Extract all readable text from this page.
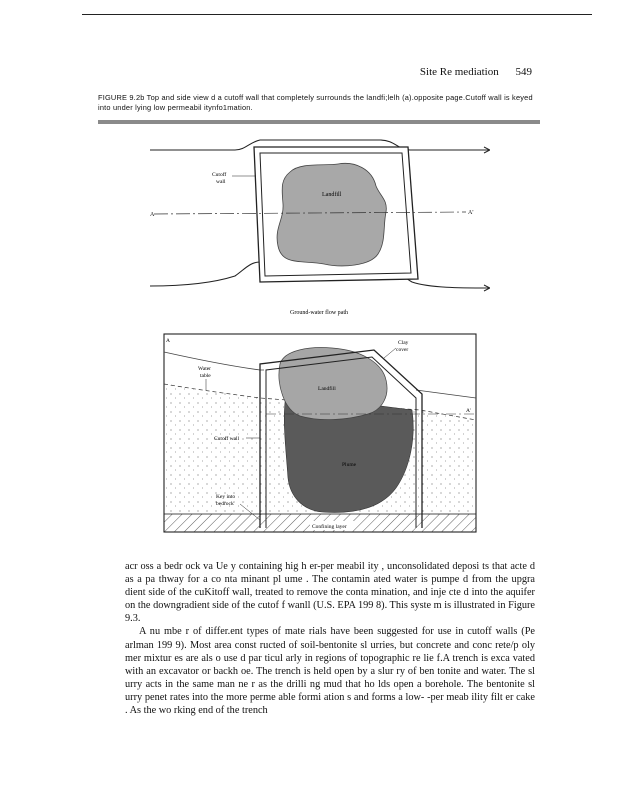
Site Re mediation 549
FIGURE 9.2b Top and side view d a cutoff wall that completely surrounds the landfi;lelh (a).opposite page.Cutoff wall is keyed into under lying low permeabil itynfo1mation.
A	A'
Landfill
Cutoff
wall
Ground-water flow path
A
A'
Water
table
Clay
cover
Landfill
Plume
Cutoff wall
Key into
bedrock
Confining layer

acr oss a bedr ock va Ue y containing hig h er-per meabil ity , unconsolidated deposi ts that acte d as a pa thway for a co nta minant pl ume . The contamin ated water is pumpe d from the upgra dient side of the cuKitoff wall, treated to remove the conta mination, and inje cte d into the aquifer on the downgradient side of the cutof f wanll (U.S. EPA 199 8). This syste m is illustrated in Figure 9.3.

A nu mbe r of differ.ent types of mate rials have been suggested for use in cutoff walls (Pe arlman 199 9). Most area const ructed of soil-bentonite sl urries, but concrete and conc rete/p oly mer mixtur es are als o use d par ticul arly in regions of topographic re lie f.A trench is exca vated with an excavator or backh oe. The trench is held open by a slur ry of ben tonite and water. The sl urry acts in the same man ne r as the drilli ng mud that ho lds open a borehole. The bentonite sl urry penet rates into the more perme able formi ation s and forms a low- -per meab ility filt er cake . As the wo rking end of the trench
